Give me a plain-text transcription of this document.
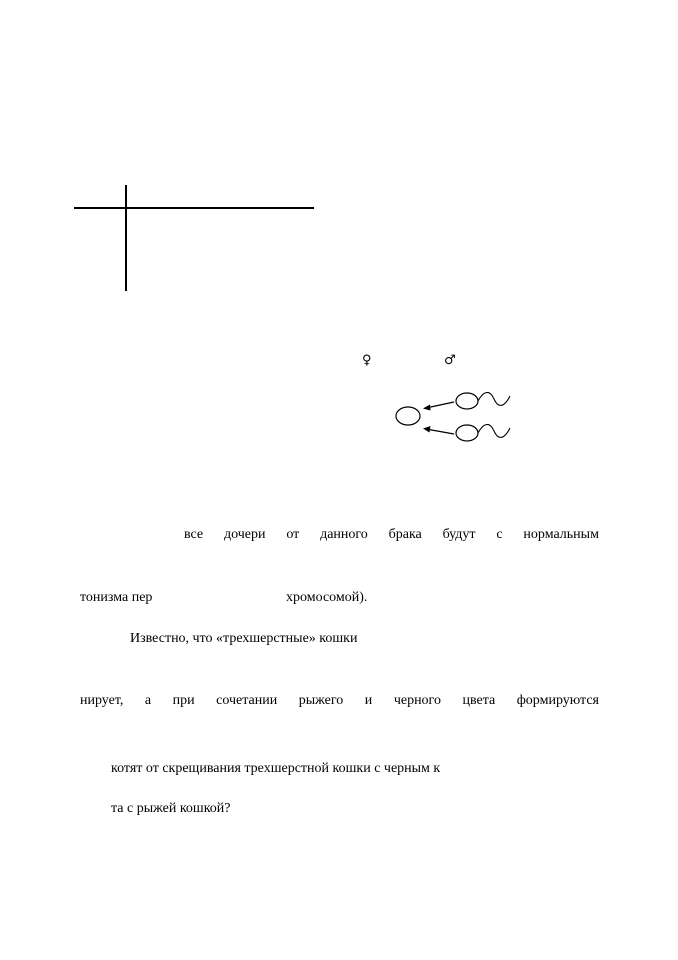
♀	♂
все дочери от данного брака будут с нормальным
тонизма пер	хромосомой).
Известно, что «трехшерстные» кошки
нирует, а при сочетании рыжего и черного цвета формируются
котят от скрещивания трехшерстной кошки с черным к
та с рыжей кошкой?
